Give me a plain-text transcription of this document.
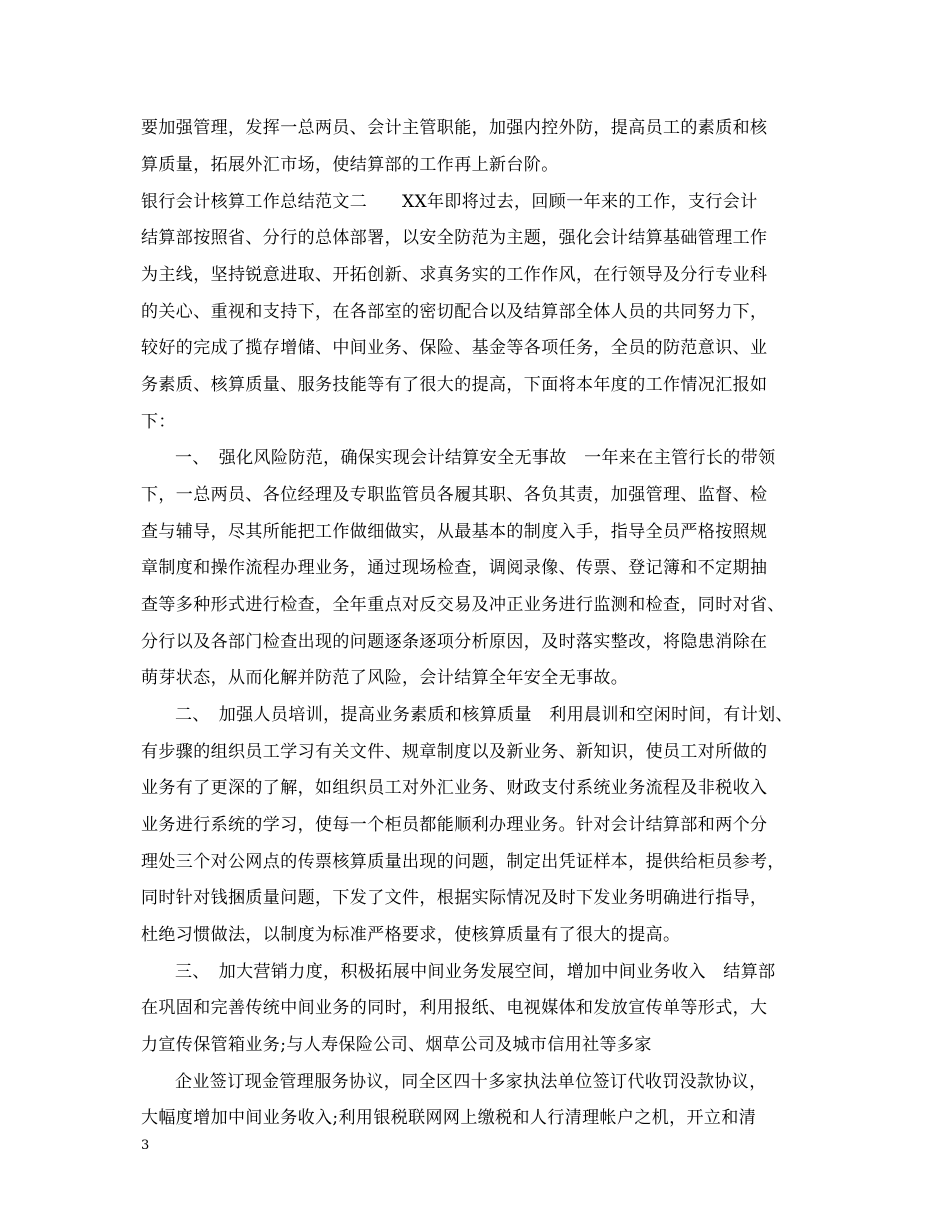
要加强管理，发挥一总两员、会计主管职能，加强内控外防，提高员工的素质和核
算质量，拓展外汇市场，使结算部的工作再上新台阶。
银行会计核算工作总结范文二　　XX年即将过去，回顾一年来的工作，支行会计
结算部按照省、分行的总体部署，以安全防范为主题，强化会计结算基础管理工作
为主线，坚持锐意进取、开拓创新、求真务实的工作作风，在行领导及分行专业科
的关心、重视和支持下，在各部室的密切配合以及结算部全体人员的共同努力下，
较好的完成了揽存增储、中间业务、保险、基金等各项任务，全员的防范意识、业
务素质、核算质量、服务技能等有了很大的提高，下面将本年度的工作情况汇报如
下：
一、　强化风险防范，确保实现会计结算安全无事故　一年来在主管行长的带领
下，一总两员、各位经理及专职监管员各履其职、各负其责，加强管理、监督、检
查与辅导，尽其所能把工作做细做实，从最基本的制度入手，指导全员严格按照规
章制度和操作流程办理业务，通过现场检查，调阅录像、传票、登记簿和不定期抽
查等多种形式进行检查，全年重点对反交易及冲正业务进行监测和检查，同时对省、
分行以及各部门检查出现的问题逐条逐项分析原因，及时落实整改，将隐患消除在
萌芽状态，从而化解并防范了风险，会计结算全年安全无事故。
二、　加强人员培训，提高业务素质和核算质量　利用晨训和空闲时间，有计划、
有步骤的组织员工学习有关文件、规章制度以及新业务、新知识，使员工对所做的
业务有了更深的了解，如组织员工对外汇业务、财政支付系统业务流程及非税收入
业务进行系统的学习，使每一个柜员都能顺利办理业务。针对会计结算部和两个分
理处三个对公网点的传票核算质量出现的问题，制定出凭证样本，提供给柜员参考，
同时针对钱捆质量问题，下发了文件，根据实际情况及时下发业务明确进行指导，
杜绝习惯做法，以制度为标准严格要求，使核算质量有了很大的提高。
三、　加大营销力度，积极拓展中间业务发展空间，增加中间业务收入　结算部
在巩固和完善传统中间业务的同时，利用报纸、电视媒体和发放宣传单等形式，大
力宣传保管箱业务;与人寿保险公司、烟草公司及城市信用社等多家
企业签订现金管理服务协议，同全区四十多家执法单位签订代收罚没款协议，
大幅度增加中间业务收入;利用银税联网网上缴税和人行清理帐户之机，开立和清
3
